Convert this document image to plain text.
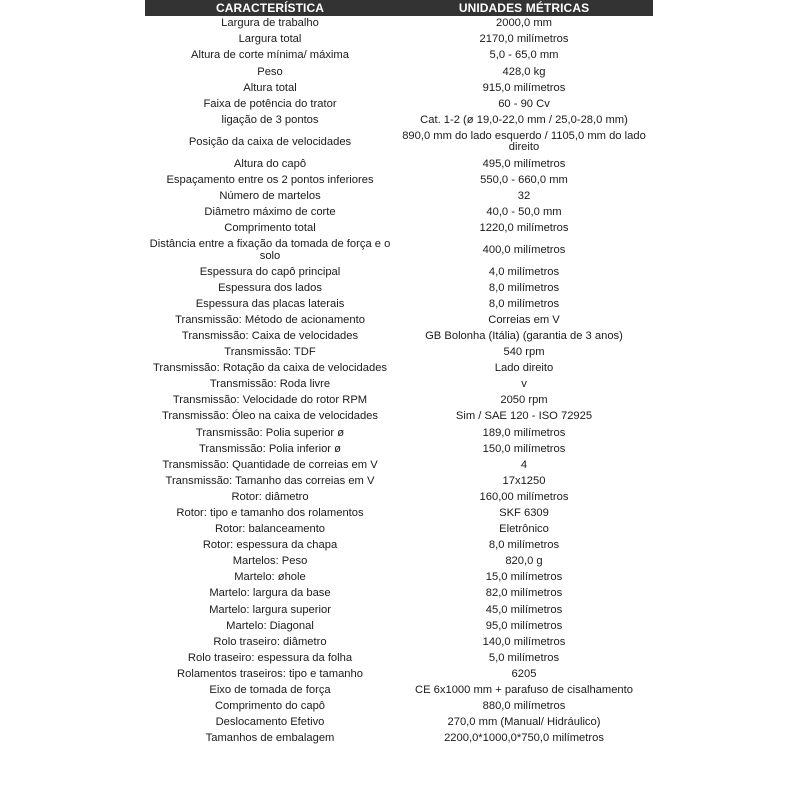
CARACTERÍSTICA	UNIDADES MÉTRICAS
Largura de trabalho	2000,0 mm
Largura total	2170,0 milímetros
Altura de corte mínima/ máxima	5,0 - 65,0 mm
Peso	428,0 kg
Altura total	915,0 milímetros
Faixa de potência do trator	60 - 90 Cv
ligação de 3 pontos	Cat. 1-2 (ø 19,0-22,0 mm / 25,0-28,0 mm)
Posição da caixa de velocidades	890,0 mm do lado esquerdo / 1105,0 mm do lado direito
Altura do capô	495,0 milímetros
Espaçamento entre os 2 pontos inferiores	550,0 - 660,0 mm
Número de martelos	32
Diâmetro máximo de corte	40,0 - 50,0 mm
Comprimento total	1220,0 milímetros
Distância entre a fixação da tomada de força e o solo	400,0 milímetros
Espessura do capô principal	4,0 milímetros
Espessura dos lados	8,0 milímetros
Espessura das placas laterais	8,0 milímetros
Transmissão: Método de acionamento	Correias em V
Transmissão: Caixa de velocidades	GB Bolonha (Itália) (garantia de 3 anos)
Transmissão: TDF	540 rpm
Transmissão: Rotação da caixa de velocidades	Lado direito
Transmissão: Roda livre	v
Transmissão: Velocidade do rotor RPM	2050 rpm
Transmissão: Óleo na caixa de velocidades	Sim / SAE 120 - ISO 72925
Transmissão: Polia superior ø	189,0 milímetros
Transmissão: Polia inferior ø	150,0 milímetros
Transmissão: Quantidade de correias em V	4
Transmissão: Tamanho das correias em V	17x1250
Rotor: diâmetro	160,00 milímetros
Rotor: tipo e tamanho dos rolamentos	SKF 6309
Rotor: balanceamento	Eletrônico
Rotor: espessura da chapa	8,0 milímetros
Martelos: Peso	820,0 g
Martelo: øhole	15,0 milímetros
Martelo: largura da base	82,0 milímetros
Martelo: largura superior	45,0 milímetros
Martelo: Diagonal	95,0 milímetros
Rolo traseiro: diâmetro	140,0 milímetros
Rolo traseiro: espessura da folha	5,0 milímetros
Rolamentos traseiros: tipo e tamanho	6205
Eixo de tomada de força	CE 6x1000 mm + parafuso de cisalhamento
Comprimento do capô	880,0 milímetros
Deslocamento Efetivo	270,0 mm (Manual/ Hidráulico)
Tamanhos de embalagem	2200,0*1000,0*750,0 milímetros
